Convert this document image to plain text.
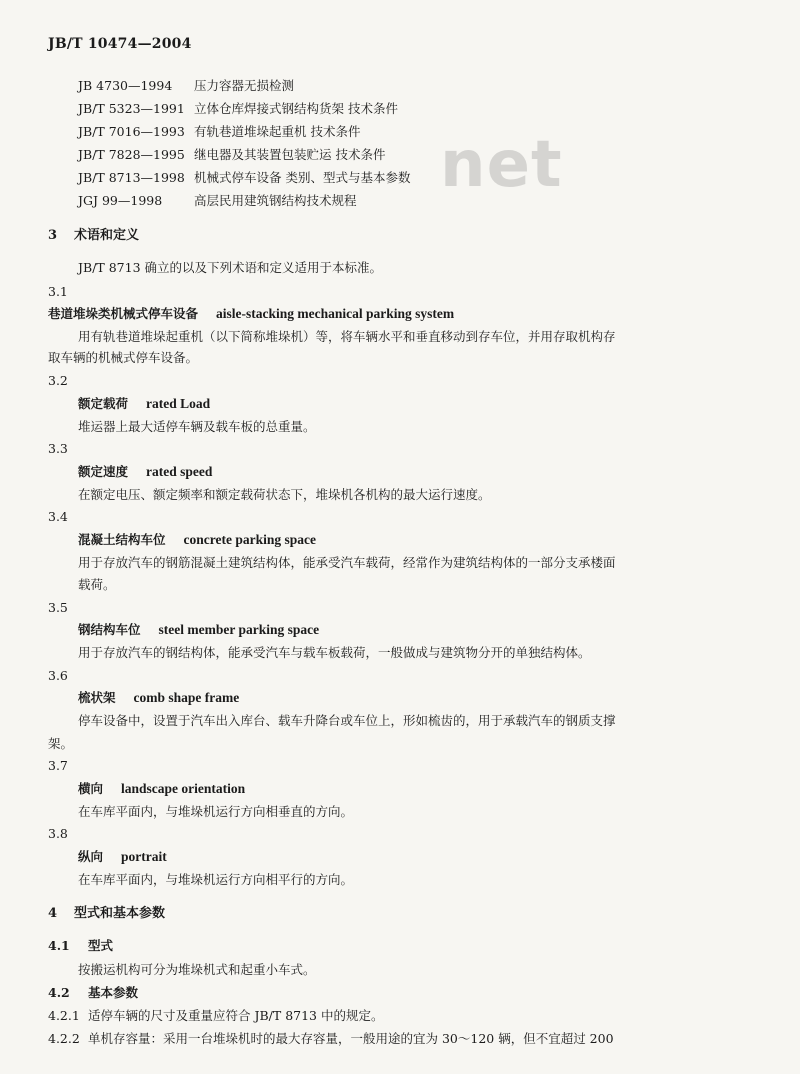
JB/T 10474—2004
net
JB 4730—1994 压力容器无损检测
JB/T 5323—1991 立体仓库焊接式钢结构货架 技术条件
JB/T 7016—1993 有轨巷道堆垛起重机 技术条件
JB/T 7828—1995 继电器及其装置包装贮运 技术条件
JB/T 8713—1998 机械式停车设备 类别、型式与基本参数
JGJ 99—1998	高层民用建筑钢结构技术规程
3 术语和定义
JB/T 8713 确立的以及下列术语和定义适用于本标准。
3.1
巷道堆垛类机械式停车设备 aisle-stacking mechanical parking system
用有轨巷道堆垛起重机（以下简称堆垛机）等，将车辆水平和垂直移动到存车位，并用存取机构存
取车辆的机械式停车设备。
3.2
额定载荷 rated Load
堆运器上最大适停车辆及载车板的总重量。
3.3
额定速度 rated speed
在额定电压、额定频率和额定载荷状态下，堆垛机各机构的最大运行速度。
3.4
混凝土结构车位 concrete parking space
用于存放汽车的钢筋混凝土建筑结构体，能承受汽车载荷，经常作为建筑结构体的一部分支承楼面
载荷。
3.5
钢结构车位 steel member parking space
用于存放汽车的钢结构体，能承受汽车与载车板载荷，一般做成与建筑物分开的单独结构体。
3.6
梳状架 comb shape frame
停车设备中，设置于汽车出入库台、载车升降台或车位上，形如梳齿的，用于承载汽车的钢质支撑
架。
3.7
横向 landscape orientation
在车库平面内，与堆垛机运行方向相垂直的方向。
3.8
纵向 portrait
在车库平面内，与堆垛机运行方向相平行的方向。
4 型式和基本参数
4.1 型式
按搬运机构可分为堆垛机式和起重小车式。
4.2 基本参数
4.2.1 适停车辆的尺寸及重量应符合 JB/T 8713 中的规定。
4.2.2 单机存容量：采用一台堆垛机时的最大存容量，一般用途的宜为 30～120 辆，但不宜超过 200
